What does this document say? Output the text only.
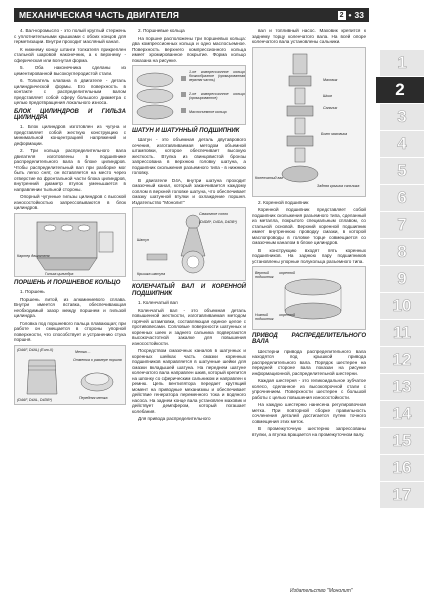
МЕХАНИЧЕСКАЯ ЧАСТЬ ДВИГАТЕЛЯ	2 • 33

4. Вал-коромысло - это полый круглый стержень с уплотнительными крышками с обоих концов для герметизации. Внутри проходит масляный канал.

К нижнему концу штанги толкателя прикреплен стальной шаровой наконечник, а к верхнему - сферическая или вогнутая форма.

5. Оба наконечника сделаны из цементированной высокоуглеродистой стали.

6. Толкатель клапана в двигателе - деталь цилиндрической формы. Его поверхность в контакте с распределительным валом представляет собой сферу большого диаметра с целью предотвращения локального износа.

БЛОК ЦИЛИНДРОВ И ГИЛЬЗА ЦИЛИНДРА

1. Блок цилиндров изготовлен из чугуна и представляет собой жесткую конструкцию с минимальной концентрацией напряжений и деформации.

2. Три кольца распределительного вала двигателя изготовлены в подшипнике распределительного вала в блоке цилиндров. Чтобы распределительный вал при разборке мог быть легко снят, он вставляется на место через отверстие во фронтальной части блока цилиндров, внутренний диаметр втулок уменьшается в направлении тыльной стороны.

Опорный чугунные гильзы цилиндров с высокой износостойкостью запрессовываются в блок цилиндров.

Картер двигателя
Гильза цилиндра
ПОРШЕНЬ И ПОРШНЕВОЕ КОЛЬЦО

1. Поршень

Поршень литой, из алюминиевого сплава. Внутри имеется вставка, обеспечивающая необходимый зазор между поршнем и гильзой цилиндра.

Головка под поршневого пальца плавающая; при работе он смещается в стороны упорной поверхности, что способствует и устранению стука поршня.

(D4AF, D4AL) (Euro-II)
(D4AF, D4AL, D4DB*)
Метка ...
Отметка о размере поршня
Передняя метка

2. Поршневые кольца

На поршне расположены три поршневых кольца: два компрессионных кольца и одно маслосъемное. Поверхность верхнего компрессионного кольца имеет хромированное покрытие. Форма кольцо показана на рисунке.

1-ое компрессионное кольцо бочкообразное (хромированная верхняя часть)
2-ое компрессионное кольцо (хромированное)
Маслосъемное кольцо
ШАТУН И ШАТУННЫЙ ПОДШИПНИК

Шатун - это объемная деталь двутаврового сечения, изготавливаемая методом объемной штамповки, которое обеспечивает высокую жесткость. Втулка из свинцовистой бронзы запрессована в верхнюю головку шатуна, а подшипник скольжения разъемного типа - в нижнюю головку.

В двигателе D4A, внутри шатуна проходит смазочный канал, который заканчивается каждому соплом в верхней головке шатуна, что обеспечивает смазку шатунной втулки и охлаждение поршня. Издательство "Монолит"

Смазочное сопло
(D4DB*, D4DA, D4DB*)
Шатун
Крышка шатуна
КОЛЕНЧАТЫЙ ВАЛ И КОРЕННОЙ ПОДШИПНИК

1. Коленчатый вал

Коленчатый вал - это объемная деталь повышенной жесткости, изготавливаемая методом горячей штамповки, составляющая единое целое с противовесами. Сопловые поверхности шатунных и коренных шеек и заднего сальника подвергаются высокочастотной закалке для повышения износостойкости.

Посредством смазочных каналов в шатунных и коренных шейках часть смазки коренных подшипников направляется в шатунные шейки для смазки вкладышей шатуна. На переднем шатуне коленчатого вала направлен шкив, который крепится на шпонку со сферическим сальником и направлен к ремню. Цепь вентилятора передает крутящий момент на приводные механизмы и обеспечивает действие генератора переменного тока и водяного насоса. На заднем конце вала установлен маховик и действует демпфером, который погашает колебания.

Для привода распределительного

вал и топливный насос. Маховик крепится к заднему торцу коленчатого вала. На всей опоре коленчатого вала установлены сальники.

Маховик
Шкив
Сальник
Болт маховика
Коленчатый вал
Задняя крышка сальника

2. Коренной подшипник

Коренной подшипник представляет собой подшипник скольжения разъемного типа, сделанный из металла, покрытого специальным сплавом, со стальной основой. Верхний коренной подшипник имеет внутреннюю проводку смазки, в которой маслопроводы в головке торце совмещается со смазочным каналом в блоке цилиндров.

В конструкцию входят пять коренных подшипников. На заднюю пару подшипников установлены упорные полукольца разъемного типа.

Верхний коренной подшипник
Нижний коренной подшипник
ПРИВОД РАСПРЕДЕЛИТЕЛЬНОГО ВАЛА

Шестерни привода распределительного вала находятся под крышкой привода распределительного вала. Порядок шестерен на передней стороне вала показан на рисунке информационной, распределительной шестерни.

Каждая шестерня - это геликоидальное зубчатое колесо, сделанное из высокопрочной стали с упрочнением. Поверхности шестерен с большой работы с целью повышения износостойкости.

На каждую шестерню нанесена регулировочная метка. При повторной сборке правильность сочленения деталей достигается путем точного совмещения этих меток.

В промежуточную шестерню запрессованы втулки, а втулка вращается на промежуточном валу.

1
2
3
4
5
6
7
8
9
10
11
12
13
14
15
16
17
Издательство "Монолит"
